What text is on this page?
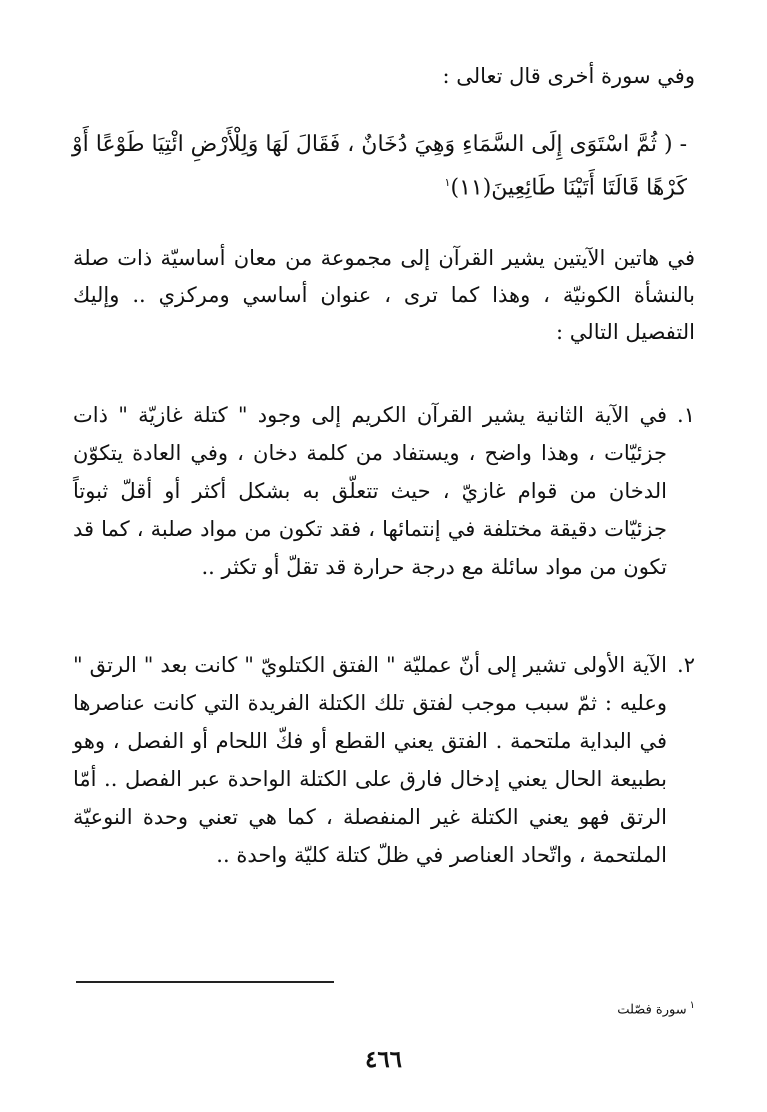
وفي سورة أخرى قال تعالى :
- ( ثُمَّ اسْتَوَى إِلَى السَّمَاءِ وَهِيَ دُخَانٌ ، فَقَالَ لَهَا وَلِلْأَرْضِ ائْتِيَا طَوْعًا أَوْ كَرْهًا قَالَتَا أَتَيْنَا طَائِعِينَ(١١)$^١$
في هاتين الآيتين يشير القرآن إلى مجموعة من معان أساسيّة ذات صلة بالنشأة الكونيّة ، وهذا كما ترى ، عنوان أساسي ومركزي .. وإليك التفصيل التالي :
١.
في الآية الثانية يشير القرآن الكريم إلى وجود " كتلة غازيّة " ذات جزئيّات ، وهذا واضح ، ويستفاد من كلمة دخان ، وفي العادة يتكوّن الدخان من قوام غازيّ ، حيث تتعلّق به بشكل أكثر أو أقلّ ثبوتاً جزئيّات دقيقة مختلفة في إنتمائها ، فقد تكون من مواد صلبة ، كما قد تكون من مواد سائلة مع درجة حرارة قد تقلّ أو تكثر ..
٢.
الآية الأولى تشير إلى أنّ عمليّة " الفتق الكتلويّ " كانت بعد " الرتق " وعليه : ثمّ سبب موجب لفتق تلك الكتلة الفريدة التي كانت عناصرها في البداية ملتحمة . الفتق يعني القطع أو فكّ اللحام أو الفصل ، وهو بطبيعة الحال يعني إدخال فارق على الكتلة الواحدة عبر الفصل .. أمّا الرتق فهو يعني الكتلة غير المنفصلة ، كما هي تعني وحدة النوعيّة الملتحمة ، واتّحاد العناصر في ظلّ كتلة كليّة واحدة ..
$^١$سورة فصّلت
٤٦٦
